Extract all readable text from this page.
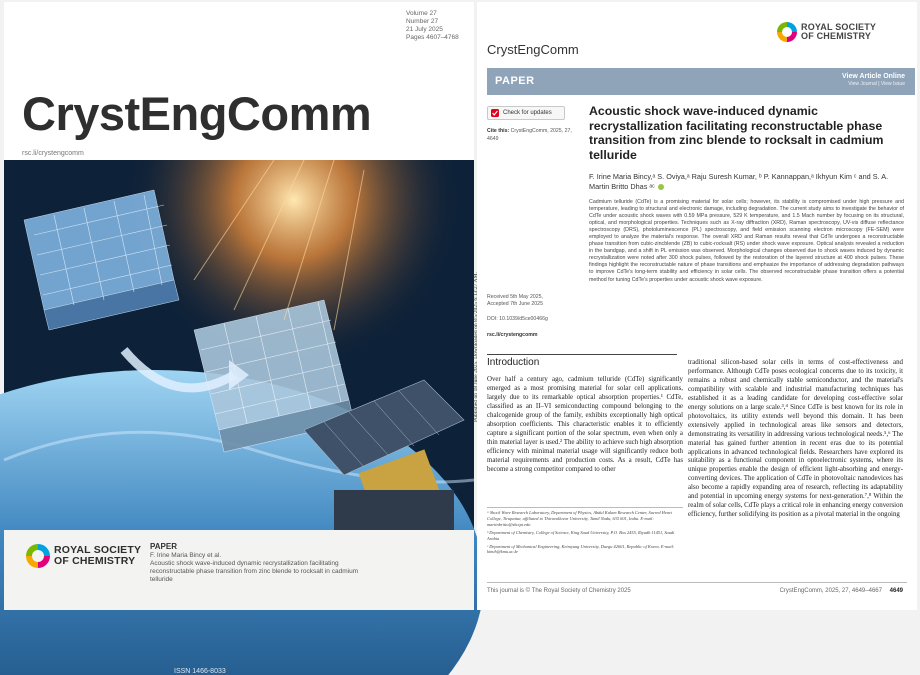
Volume 27
Number 27
21 July 2025
Pages 4607–4768
CrystEngComm
rsc.li/crystengcomm
ISSN 1466-8033
ROYAL SOCIETY
OF CHEMISTRY
PAPER
F. Irine Maria Bincy et al.
Acoustic shock wave-induced dynamic recrystallization facilitating reconstructable phase transition from zinc blende to rocksalt in cadmium telluride
Published on 18 June 2025. Downloaded on 8/5/2025 6:13:27 AM.
CrystEngComm
ROYAL SOCIETY
OF CHEMISTRY
PAPER	View Article Online
View Journal | View Issue
Check for updates
Cite this: CrystEngComm, 2025, 27, 4649
Acoustic shock wave-induced dynamic recrystallization facilitating reconstructable phase transition from zinc blende to rocksalt in cadmium telluride
F. Irine Maria Bincy,ᵃ S. Oviya,ᵃ Raju Suresh Kumar, ᵇ P. Kannappan,ᵃ Ikhyun Kim ᶜ and S. A. Martin Britto Dhas ᵃᶜ
Cadmium telluride (CdTe) is a promising material for solar cells; however, its stability is compromised under high pressure and temperature, leading to structural and electronic damage, including degradation. The current study aims to investigate the behavior of CdTe under acoustic shock waves with 0.59 MPa pressure, 529 K temperature, and 1.5 Mach number by focusing on its structural, optical, and morphological properties. Techniques such as X-ray diffraction (XRD), Raman spectroscopy, UV-vis diffuse reflectance spectroscopy (DRS), photoluminescence (PL) spectroscopy, and field emission scanning electron microscopy (FE-SEM) were employed to analyze the material's response. The overall XRD and Raman results reveal that CdTe undergoes a reconstructable phase transition from cubic-zincblende (ZB) to cubic-rocksalt (RS) under shock wave exposure. Optical analysis revealed a reduction in the bandgap, and a shift in PL emission was observed. Morphological changes observed due to shock waves induced by dynamic recrystallization were noted after 300 shock pulses, followed by the restoration of the layered structure at 400 shock pulses. These findings highlight the reconstructable nature of phase transitions and emphasize the importance of addressing degradation pathways to improve CdTe's long-term stability and efficiency in solar cells. The observed reconstructable phase transition offers a potential method for tuning CdTe's properties under acoustic shock wave exposure.
Received 5th May 2025,
Accepted 7th June 2025
DOI: 10.1039/d5ce00466g
rsc.li/crystengcomm
Introduction
Over half a century ago, cadmium telluride (CdTe) significantly emerged as a most promising material for solar cell applications, largely due to its remarkable optical absorption properties.¹ CdTe, classified as an II–VI semiconducting compound belonging to the chalcogenide group of the family, exhibits exceptionally high optical absorption coefficients. This characteristic enables it to efficiently capture a significant portion of the solar spectrum, even when only a thin material layer is used.² The ability to achieve such high absorption efficiency with minimal material usage will significantly reduce both material requirements and production costs. As a result, CdTe has become a strong competitor compared to other
traditional silicon-based solar cells in terms of cost-effectiveness and performance. Although CdTe poses ecological concerns due to its toxicity, it remains a robust and chemically stable semiconductor, and the material's compatibility with scalable and industrial manufacturing techniques has established it as a leading candidate for developing cost-effective solar energy solutions on a large scale.³,⁴ Since CdTe is best known for its role in photovoltaics, its utility extends well beyond this domain. It has been extensively applied in technological areas like sensors and detectors, demonstrating its versatility in addressing various technological needs.⁵,⁶ The material has gained further attention in recent eras due to its potential applications in advanced technological fields. Researchers have explored its suitability as a functional component in optoelectronic systems, where its unique properties enable the design of efficient light-absorbing and energy-converting devices. The application of CdTe in photovoltaic nanodevices has also become a rapidly expanding area of research, reflecting its adaptability and potential in upcoming energy systems for next-generation.⁷,⁸ Within the realm of solar cells, CdTe plays a critical role in enhancing energy conversion efficiency, further solidifying its position as a pivotal material in the ongoing
ᵃ Shock Wave Research Laboratory, Department of Physics, Abdul Kalam Research Center, Sacred Heart College, Tirupattur, affiliated to Thiruvalluvar University, Tamil Nadu, 635 601, India. E-mail: martinbritto@shctpt.edu
ᵇ Department of Chemistry, College of Science, King Saud University, P.O. Box 2455, Riyadh 11451, Saudi Arabia
ᶜ Department of Mechanical Engineering, Keimyung University, Daegu 42601, Republic of Korea. E-mail: kimih@kmu.ac.kr
This journal is © The Royal Society of Chemistry 2025	CrystEngComm, 2025, 27, 4649–4667 4649
